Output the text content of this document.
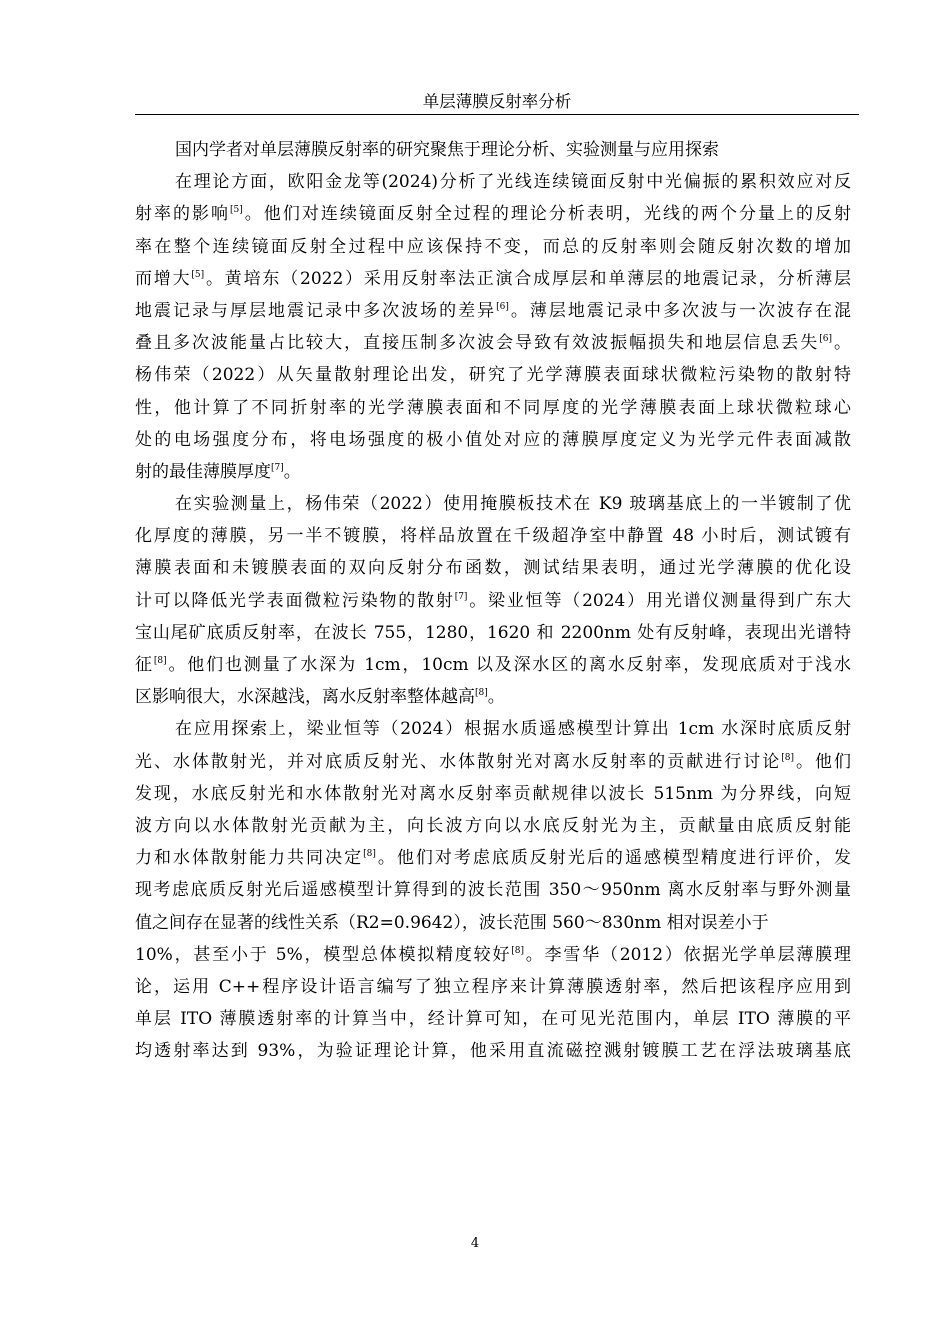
单层薄膜反射率分析
国内学者对单层薄膜反射率的研究聚焦于理论分析、实验测量与应用探索
在理论方面，欧阳金龙等(2024)分析了光线连续镜面反射中光偏振的累积效应对反
射率的影响[5]。他们对连续镜面反射全过程的理论分析表明，光线的两个分量上的反射
率在整个连续镜面反射全过程中应该保持不变，而总的反射率则会随反射次数的增加
而增大[5]。黄培东（2022）采用反射率法正演合成厚层和单薄层的地震记录，分析薄层
地震记录与厚层地震记录中多次波场的差异[6]。薄层地震记录中多次波与一次波存在混
叠且多次波能量占比较大，直接压制多次波会导致有效波振幅损失和地层信息丢失[6]。
杨伟荣（2022）从矢量散射理论出发，研究了光学薄膜表面球状微粒污染物的散射特
性，他计算了不同折射率的光学薄膜表面和不同厚度的光学薄膜表面上球状微粒球心
处的电场强度分布，将电场强度的极小值处对应的薄膜厚度定义为光学元件表面减散
射的最佳薄膜厚度[7]。
在实验测量上，杨伟荣（2022）使用掩膜板技术在 K9 玻璃基底上的一半镀制了优
化厚度的薄膜，另一半不镀膜，将样品放置在千级超净室中静置 48 小时后，测试镀有
薄膜表面和未镀膜表面的双向反射分布函数，测试结果表明，通过光学薄膜的优化设
计可以降低光学表面微粒污染物的散射[7]。梁业恒等（2024）用光谱仪测量得到广东大
宝山尾矿底质反射率，在波长 755，1280，1620 和 2200nm 处有反射峰，表现出光谱特
征[8]。他们也测量了水深为 1cm，10cm 以及深水区的离水反射率，发现底质对于浅水
区影响很大，水深越浅，离水反射率整体越高[8]。
在应用探索上，梁业恒等（2024）根据水质遥感模型计算出 1cm 水深时底质反射
光、水体散射光，并对底质反射光、水体散射光对离水反射率的贡献进行讨论[8]。他们
发现，水底反射光和水体散射光对离水反射率贡献规律以波长 515nm 为分界线，向短
波方向以水体散射光贡献为主，向长波方向以水底反射光为主，贡献量由底质反射能
力和水体散射能力共同决定[8]。他们对考虑底质反射光后的遥感模型精度进行评价，发
现考虑底质反射光后遥感模型计算得到的波长范围 350～950nm 离水反射率与野外测量
值之间存在显著的线性关系（R2=0.9642），波长范围 560～830nm 相对误差小于
10%，甚至小于 5%，模型总体模拟精度较好[8]。李雪华（2012）依据光学单层薄膜理
论，运用 C++程序设计语言编写了独立程序来计算薄膜透射率，然后把该程序应用到
单层 ITO 薄膜透射率的计算当中，经计算可知，在可见光范围内，单层 ITO 薄膜的平
均透射率达到 93%，为验证理论计算，他采用直流磁控溅射镀膜工艺在浮法玻璃基底
4
